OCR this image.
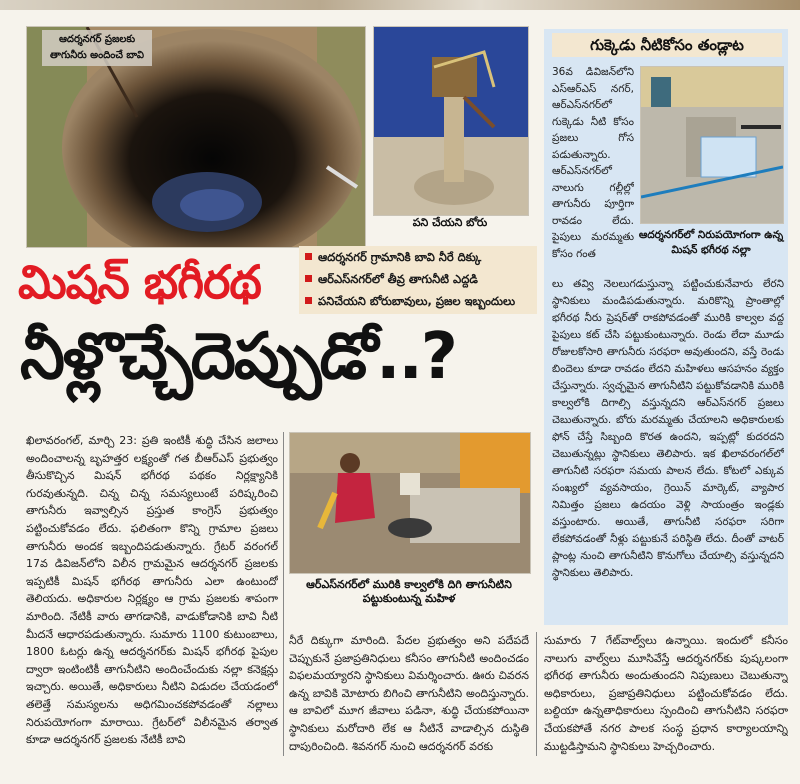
ఆదర్శనగర్ ప్రజలకు తాగునీరు అందించే బావి
పని చేయని బోరు
ఆదర్శనగర్ గ్రామానికి బావి నీరే దిక్కు
ఆర్ఎస్‌నగర్‌లో తీవ్ర తాగునీటి ఎద్దడి
పనిచేయని బోరుబావులు, ప్రజల ఇబ్బందులు
మిషన్ భగీరథ
నీళ్లొచ్చేదెప్పుడో..?
గుక్కెడు నీటికోసం తండ్లాట
36వ డివిజన్‌లోని ఎస్ఆర్ఎస్ నగర్, ఆర్ఎస్‌నగర్‌లో గుక్కెడు నీటి కోసం ప్రజలు గోస పడుతున్నారు. ఆర్ఎస్‌నగర్‌లో నాలుగు గల్లీల్లో తాగునీరు పూర్తిగా రావడం లేదు. పైపులు మరమ్మతు కోసం గంత
ఆదర్శనగర్‌లో నిరుపయోగంగా ఉన్న మిషన్ భగీరథ నల్లా
లు తవ్వి నెలలుగడుస్తున్నా పట్టించుకునేవారు లేరని స్థానికులు మండిపడుతున్నారు. మరికొన్ని ప్రాంతాల్లో భగీరథ నీరు ప్రెషర్‌తో రాకపోవడంతో మురికి కాల్వల వద్ద పైపులు కట్ చేసి పట్టుకుంటున్నారు. రెండు లేదా మూడు రోజులకోసారి తాగునీరు సరఫరా అవుతుందని, వస్తే రెండు బిందెలు కూడా రావడం లేదని మహిళలు ఆసహనం వ్యక్తం చేస్తున్నారు. స్వచ్ఛమైన తాగునీటిని పట్టుకోవడానికి మురికి కాల్వలోకి దిగాల్సి వస్తున్నదని ఆర్ఎస్‌నగర్ ప్రజలు చెబుతున్నారు. బోరు మరమ్మతు చేయాలని అధికారులకు ఫోన్ చేస్తే సిబ్బంది కొరత ఉందని, ఇప్పట్లో కుదరదని చెబుతున్నట్లు స్థానికులు తెలిపారు. ఇక ఖిలావరంగల్‌లో తాగునీటి సరఫరా సమయ పాలన లేదు. కోటలో ఎక్కువ సంఖ్యలో వ్యవసాయం, గ్రెయిన్ మార్కెట్, వ్యాపార నిమిత్తం ప్రజలు ఉదయం వెళ్లి సాయంత్రం ఇండ్లకు వస్తుంటారు. అయితే, తాగునీటి సరఫరా సరిగా లేకపోవడంతో నీళ్లు పట్టుకునే పరిస్థితి లేదు. దీంతో వాటర్ ప్లాంట్ల నుంచి తాగునీటిని కొనుగోలు చేయాల్సి వస్తున్నదని స్థానికులు తెలిపారు.
ఆర్ఎస్‌నగర్‌లో మురికి కాల్వలోకి దిగి తాగునీటిని పట్టుకుంటున్న మహిళ
ఖిలావరంగల్, మార్చి 23: ప్రతి ఇంటికీ శుద్ధి చేసిన జలాలు అందించాలన్న బృహత్తర లక్ష్యంతో గత బీఆర్ఎస్ ప్రభుత్వం తీసుకొచ్చిన మిషన్ భగీరథ పథకం నిర్లక్ష్యానికి గురవుతున్నది. చిన్న చిన్న సమస్యలుంటే పరిష్కరించి తాగునీరు ఇవ్వాల్సిన ప్రస్తుత కాంగ్రెస్ ప్రభుత్వం పట్టించుకోవడం లేదు. ఫలితంగా కొన్ని గ్రామాల ప్రజలు తాగునీరు అందక ఇబ్బందిపడుతున్నారు. గ్రేటర్ వరంగల్ 17వ డివిజన్‌లోని విలీన గ్రామమైన ఆదర్శనగర్ ప్రజలకు ఇప్పటికీ మిషన్ భగీరథ తాగునీరు ఎలా ఉంటుందో తెలియదు. అధికారుల నిర్లక్ష్యం ఆ గ్రామ ప్రజలకు శాపంగా మారింది. నేటికీ వారు తాగడానికి, వాడుకోడానికి బావి నీటి మీదనే ఆధారపడుతున్నారు. సుమారు 1100 కుటుంబాలు, 1800 ఓటర్లు ఉన్న ఆదర్శనగర్‌కు మిషన్ భగీరథ పైపుల ద్వారా ఇంటింటికీ తాగునీటిని అందించేందుకు నల్లా కనెక్షన్లు ఇచ్చారు. అయితే, అధికారులు నీటిని విడుదల చేయడంలో తలెత్తే సమస్యలను అధిగమించకపోవడంతో నల్లాలు నిరుపయోగంగా మారాయి. గ్రేటర్‌లో విలీనమైన తర్వాత కూడా ఆదర్శనగర్ ప్రజలకు నేటికీ బావి
నీరే దిక్కుగా మారింది. పేదల ప్రభుత్వం అని పదేపదే చెప్పుకునే ప్రజాప్రతినిధులు కనీసం తాగునీటి అందించడం విఫలమయ్యారని స్థానికులు విమర్శించారు. ఊరు చివరన ఉన్న బావికి మోటారు బిగించి తాగునీటిని అందిస్తున్నారు. ఆ బావిలో మూగ జీవాలు పడినా, శుద్ధి చేయకపోయినా స్థానికులు మరోదారి లేక ఆ నీటినే వాడాల్సిన దుస్థితి దాపురించింది. శివనగర్ నుంచి ఆదర్శనగర్ వరకు
సుమారు 7 గేట్‌వాల్వ్‌లు ఉన్నాయి. ఇందులో కనీసం నాలుగు వాల్వ్‌లు మూసివేస్తే ఆదర్శనగర్‌కు పుష్కలంగా భగీరథ తాగునీరు అందుతుందని నిపుణులు చెబుతున్నా అధికారులు, ప్రజాప్రతినిధులు పట్టించుకోవడం లేదు. బల్దియా ఉన్నతాధికారులు స్పందించి తాగునీటిని సరఫరా చేయకపోతే నగర పాలక సంస్థ ప్రధాన కార్యాలయాన్ని ముట్టడిస్తామని స్థానికులు హెచ్చరించారు.
